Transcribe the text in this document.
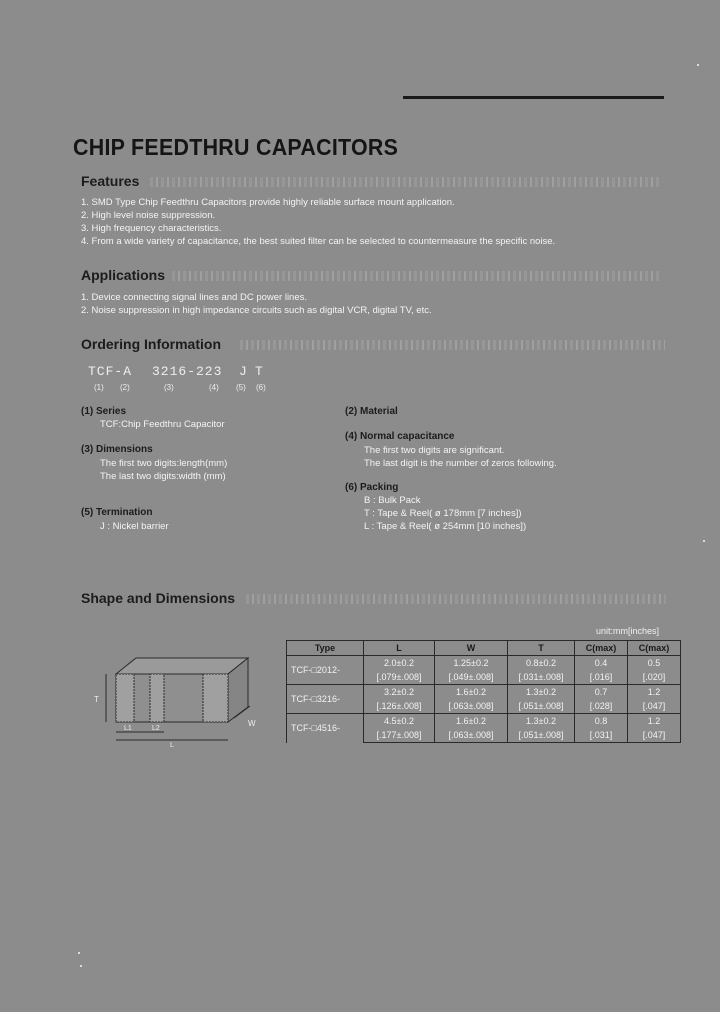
CHIP FEEDTHRU CAPACITORS
Features
1. SMD Type Chip Feedthru Capacitors provide highly reliable surface mount application.
2. High level noise suppression.
3. High frequency characteristics.
4. From a wide variety of capacitance, the best suited filter can be selected to countermeasure the specific noise.
Applications
1. Device connecting signal lines and DC power lines.
2. Noise suppression in high impedance circuits such as digital VCR, digital TV, etc.
Ordering Information
TCF-A 3216-223 J T
(1) (2)	(3)	(4) (5) (6)
(1) Series
TCF:Chip Feedthru Capacitor
(3) Dimensions
The first two digits:length(mm)
The last two digits:width (mm)
(5) Termination
J : Nickel barrier
(2) Material
(4) Normal capacitance
The first two digits are significant.
The last digit is the number of zeros following.
(6) Packing
B : Bulk Pack
T : Tape & Reel( ø 178mm [7 inches])
L : Tape & Reel( ø 254mm [10 inches])
Shape and Dimensions
unit:mm[inches]
T
W
L1	L2
L
Type	L	W	T	C(max)	C(max)
TCF-□2012-	2.0±0.2	1.25±0.2	0.8±0.2	0.4	0.5
	[.079±.008]	[.049±.008]	[.031±.008]	[.016]	[.020]
TCF-□3216-	3.2±0.2	1.6±0.2	1.3±0.2	0.7	1.2
	[.126±.008]	[.063±.008]	[.051±.008]	[.028]	[.047]
TCF-□4516-	4.5±0.2	1.6±0.2	1.3±0.2	0.8	1.2
	[.177±.008]	[.063±.008]	[.051±.008]	[.031]	[.047]
